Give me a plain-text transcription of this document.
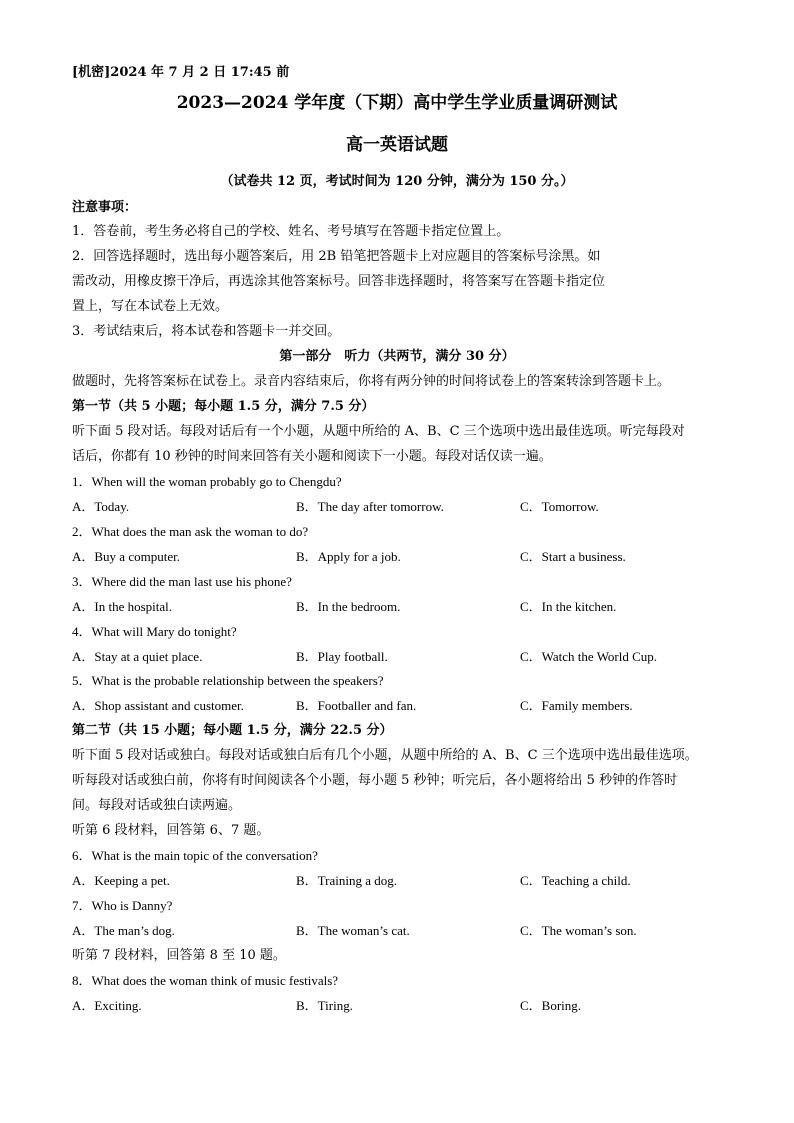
[机密]2024 年 7 月 2 日 17:45 前
2023—2024 学年度（下期）高中学生学业质量调研测试
高一英语试题
（试卷共 12 页，考试时间为 120 分钟，满分为 150 分。）
注意事项：
1．答卷前，考生务必将自己的学校、姓名、考号填写在答题卡指定位置上。
2．回答选择题时，选出每小题答案后，用 2B 铅笔把答题卡上对应题目的答案标号涂黑。如
需改动，用橡皮擦干净后，再选涂其他答案标号。回答非选择题时，将答案写在答题卡指定位
置上，写在本试卷上无效。
3．考试结束后，将本试卷和答题卡一并交回。
第一部分　听力（共两节，满分 30 分）
做题时，先将答案标在试卷上。录音内容结束后，你将有两分钟的时间将试卷上的答案转涂到答题卡上。
第一节（共 5 小题；每小题 1.5 分，满分 7.5 分）
听下面 5 段对话。每段对话后有一个小题，从题中所给的 A、B、C 三个选项中选出最佳选项。听完每段对
话后，你都有 10 秒钟的时间来回答有关小题和阅读下一小题。每段对话仅读一遍。
1．When will the woman probably go to Chengdu?
A．Today.	B．The day after tomorrow.	C．Tomorrow.
2．What does the man ask the woman to do?
A．Buy a computer.	B．Apply for a job.	C．Start a business.
3．Where did the man last use his phone?
A．In the hospital.	B．In the bedroom.	C．In the kitchen.
4．What will Mary do tonight?
A．Stay at a quiet place.	B．Play football.	C．Watch the World Cup.
5．What is the probable relationship between the speakers?
A．Shop assistant and customer.	B．Footballer and fan.	C．Family members.
第二节（共 15 小题；每小题 1.5 分，满分 22.5 分）
听下面 5 段对话或独白。每段对话或独白后有几个小题，从题中所给的 A、B、C 三个选项中选出最佳选项。
听每段对话或独白前，你将有时间阅读各个小题，每小题 5 秒钟；听完后，各小题将给出 5 秒钟的作答时
间。每段对话或独白读两遍。
听第 6 段材料，回答第 6、7 题。
6．What is the main topic of the conversation?
A．Keeping a pet.	B．Training a dog.	C．Teaching a child.
7．Who is Danny?
A．The man’s dog.	B．The woman’s cat.	C．The woman’s son.
听第 7 段材料，回答第 8 至 10 题。
8．What does the woman think of music festivals?
A．Exciting.	B．Tiring.	C．Boring.
